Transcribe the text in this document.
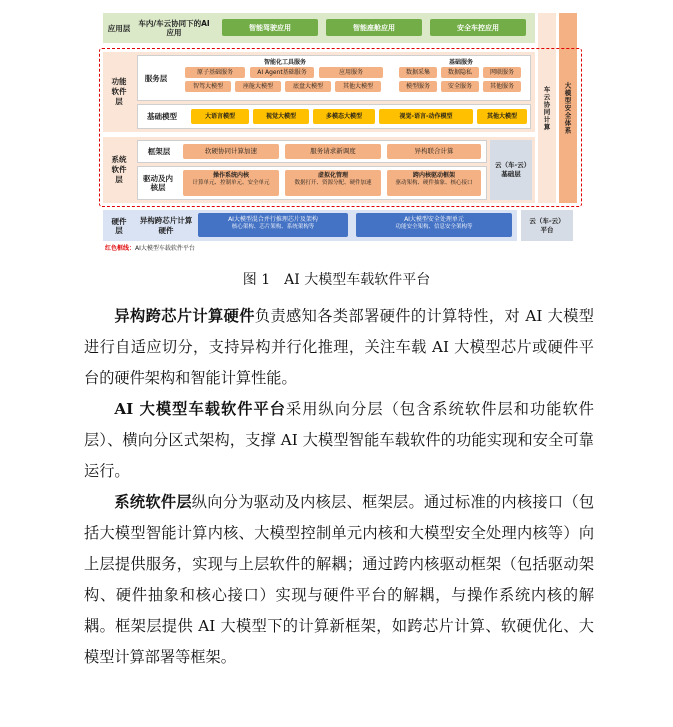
应用层
车内/车云协同下的AI应用
智能驾驶应用	智能座舱应用	安全车控应用
功能软件层
服务层
智能化工具服务
原子基础服务	AI Agent基础服务	应用服务
智驾大模型	座舱大模型	底盘大模型	其他大模型
基础服务
数据采集	数据隐私	网联服务
模型服务	安全服务	其他服务
基础模型	大语言模型	视觉大模型	多模态大模型	视觉-语言-动作模型	其他大模型
系统软件层
框架层	软硬协同计算加速	服务请求新调度	异构联合计算
驱动及内核层
操作系统内核
计算单元、控制单元、安全单元
虚拟化管理
数据打开、资源分配、硬件加速
跨内核驱动框架
驱动架构、硬件抽象、核心接口
云（车-云）基础层
硬件层
异构跨芯片计算硬件
AI大模型混合并行推理芯片及架构
核心架构、芯片架构、系统架构等
AI大模型安全处理单元
功能安全架构、信息安全架构等
云（车-云）平台
车云协同计算 大模型安全体系
红色框线：AI大模型车载软件平台
图 1　AI 大模型车载软件平台

异构跨芯片计算硬件负责感知各类部署硬件的计算特性，对 AI 大模型进行自适应切分，支持异构并行化推理，关注车载 AI 大模型芯片或硬件平台的硬件架构和智能计算性能。

AI 大模型车载软件平台采用纵向分层（包含系统软件层和功能软件层）、横向分区式架构，支撑 AI 大模型智能车载软件的功能实现和安全可靠运行。

系统软件层纵向分为驱动及内核层、框架层。通过标准的内核接口（包括大模型智能计算内核、大模型控制单元内核和大模型安全处理内核等）向上层提供服务，实现与上层软件的解耦；通过跨内核驱动框架（包括驱动架构、硬件抽象和核心接口）实现与硬件平台的解耦，与操作系统内核的解耦。框架层提供 AI 大模型下的计算新框架，如跨芯片计算、软硬优化、大模型计算部署等框架。
